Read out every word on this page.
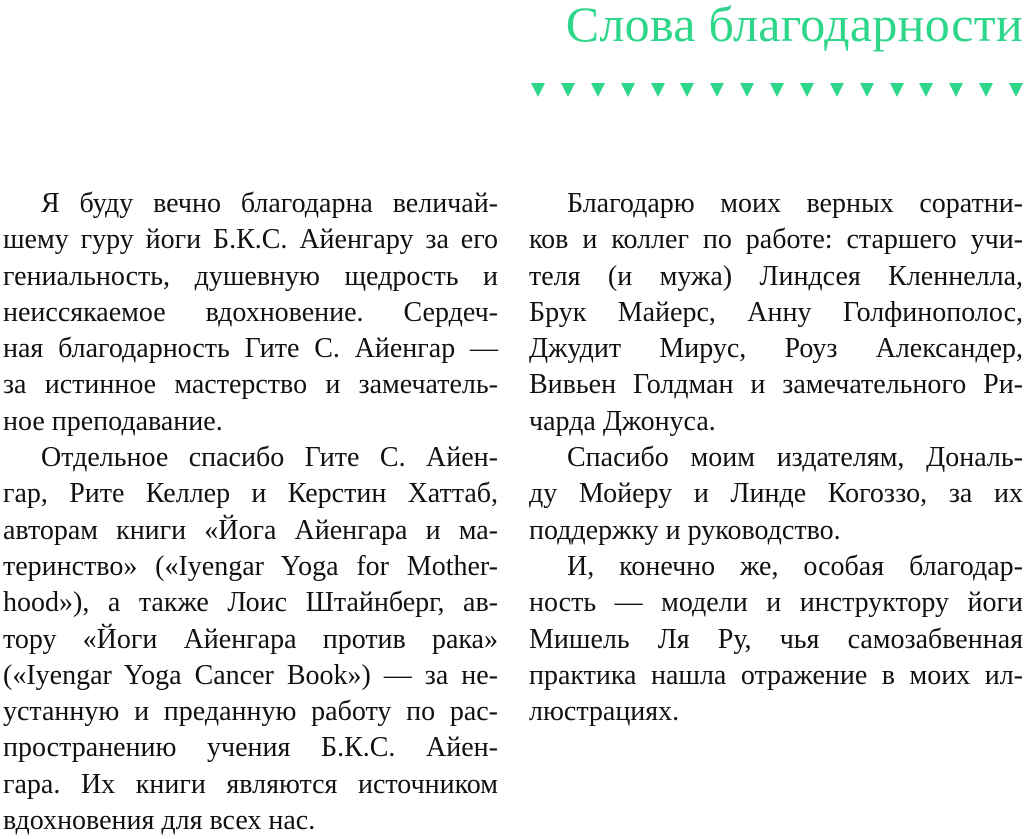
Слова благодарности

Я буду вечно благодарна величай-
шему гуру йоги Б.К.С. Айенгару за его
гениальность, душевную щедрость и
неиссякаемое вдохновение. Сердеч-
ная благодарность Гите С. Айенгар —
за истинное мастерство и замечатель-
ное преподавание.

Отдельное спасибо Гите С. Айен-
гар, Рите Келлер и Керстин Хаттаб,
авторам книги «Йога Айенгара и ма-
теринство» («Iyengar Yoga for Mother-
hood»), а также Лоис Штайнберг, ав-
тору «Йоги Айенгара против рака»
(«Iyengar Yoga Cancer Book») — за не-
устанную и преданную работу по рас-
пространению учения Б.К.С. Айен-
гара. Их книги являются источником
вдохновения для всех нас.

Благодарю моих верных соратни-
ков и коллег по работе: старшего учи-
теля (и мужа) Линдсея Кленнелла,
Брук Майерс, Анну Голфинополос,
Джудит Мирус, Роуз Александер,
Вивьен Голдман и замечательного Ри-
чарда Джонуса.

Спасибо моим издателям, Дональ-
ду Мойеру и Линде Когоззо, за их
поддержку и руководство.

И, конечно же, особая благодар-
ность — модели и инструктору йоги
Мишель Ля Ру, чья самозабвенная
практика нашла отражение в моих ил-
люстрациях.
